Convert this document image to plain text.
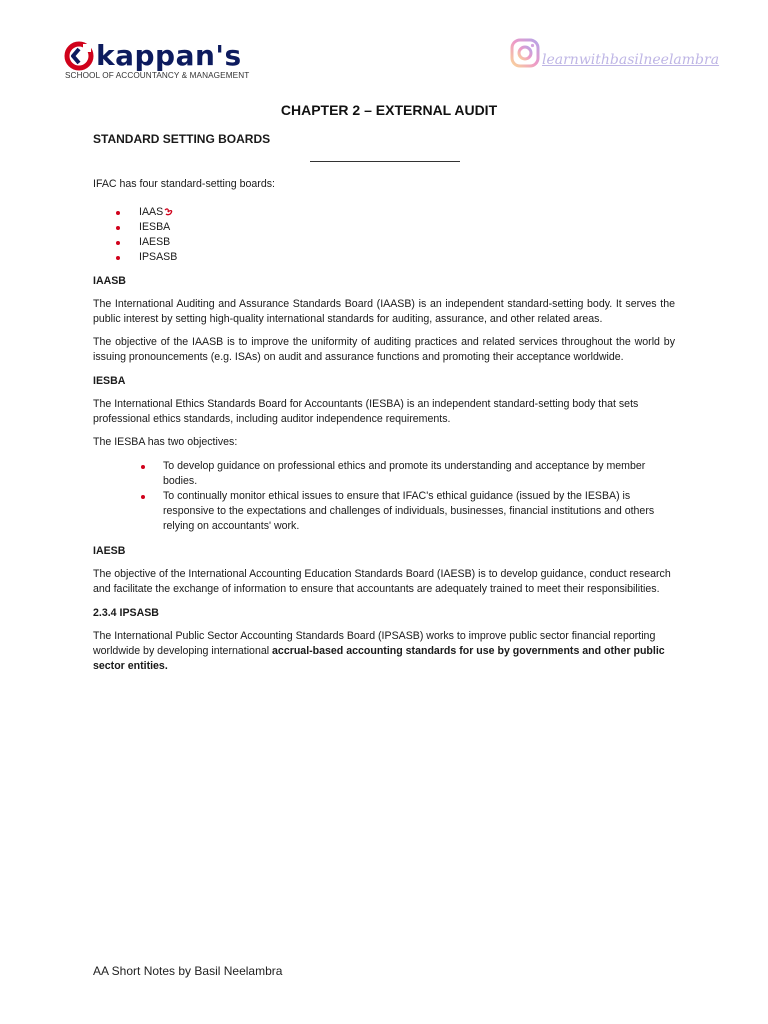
kappan's
SCHOOL OF ACCOUNTANCY & MANAGEMENT
learnwithbasilneelambra
CHAPTER 2 – EXTERNAL AUDIT
STANDARD SETTING BOARDS

IFAC has four standard-setting boards:

IAAS
IESBA
IAESB
IPSASB

IAASB

The International Auditing and Assurance Standards Board (IAASB) is an independent standard-setting body. It serves the public interest by setting high-quality international standards for auditing, assurance, and other related areas.

The objective of the IAASB is to improve the uniformity of auditing practices and related services throughout the world by issuing pronouncements (e.g. ISAs) on audit and assurance functions and promoting their acceptance worldwide.

IESBA

The International Ethics Standards Board for Accountants (IESBA) is an independent standard-setting body that sets professional ethics standards, including auditor independence requirements.

The IESBA has two objectives:

To develop guidance on professional ethics and promote its understanding and acceptance by member bodies.
To continually monitor ethical issues to ensure that IFAC's ethical guidance (issued by the IESBA) is responsive to the expectations and challenges of individuals, businesses, financial institutions and others relying on accountants' work.

IAESB

The objective of the International Accounting Education Standards Board (IAESB) is to develop guidance, conduct research and facilitate the exchange of information to ensure that accountants are adequately trained to meet their responsibilities.

2.3.4 IPSASB

The International Public Sector Accounting Standards Board (IPSASB) works to improve public sector financial reporting worldwide by developing international accrual-based accounting standards for use by governments and other public sector entities.

AA Short Notes by Basil Neelambra
